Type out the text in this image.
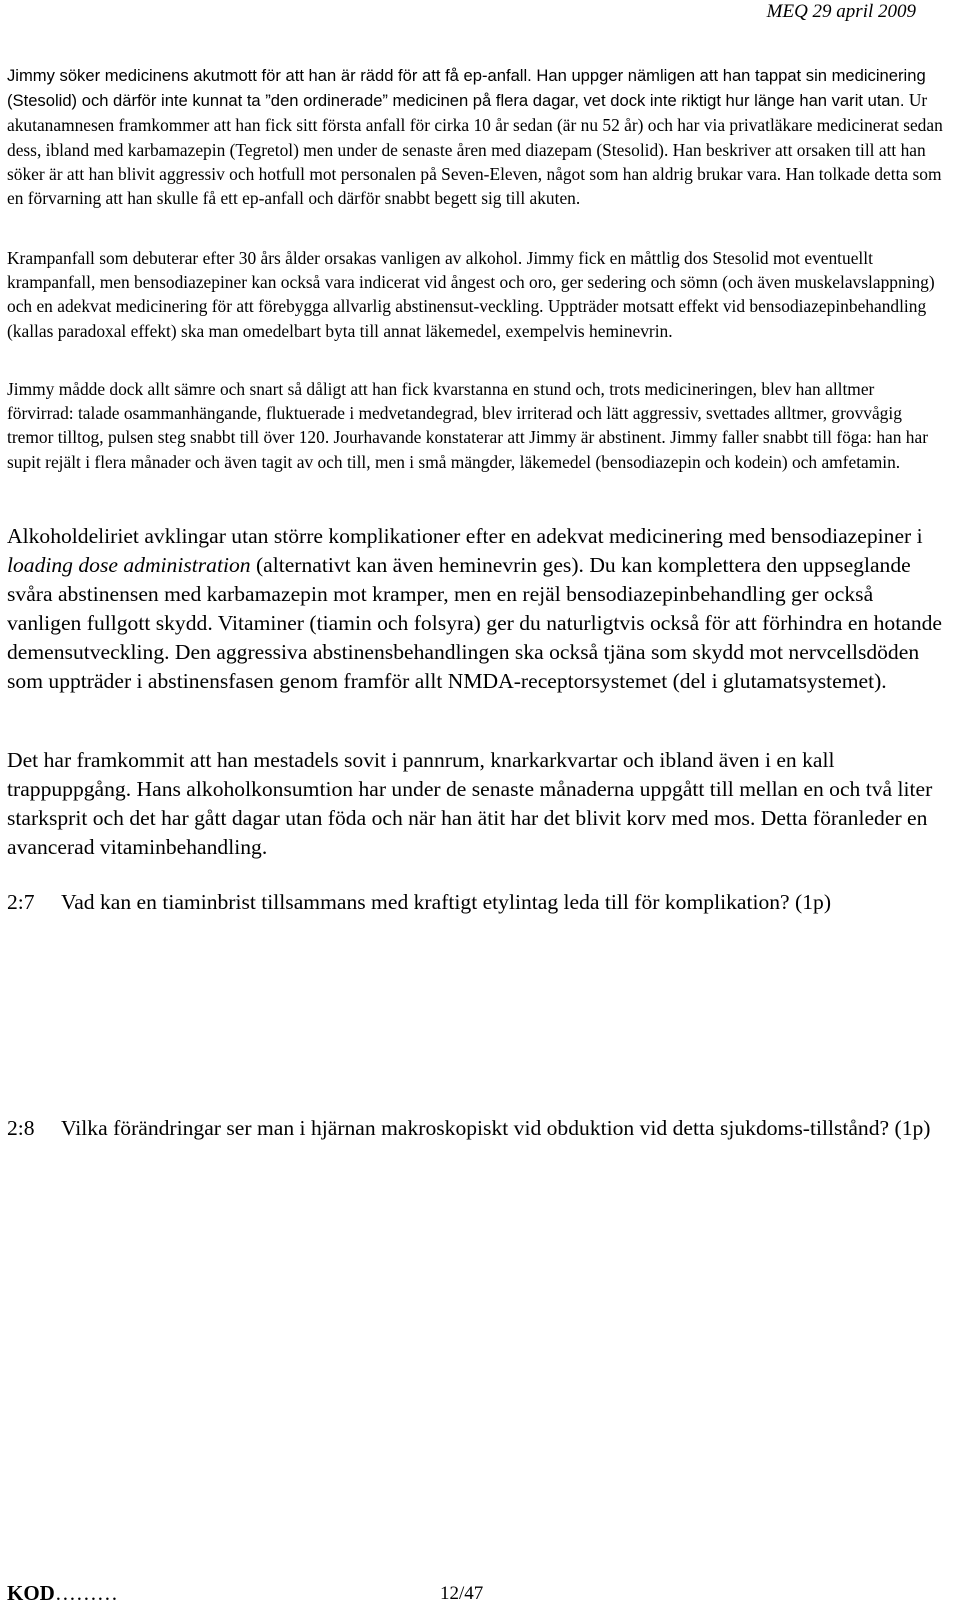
MEQ 29 april 2009

Jimmy söker medicinens akutmott för att han är rädd för att få ep-anfall. Han uppger nämligen att han tappat sin medicinering (Stesolid) och därför inte kunnat ta ”den ordinerade” medicinen på flera dagar, vet dock inte riktigt hur länge han varit utan. Ur akutanamnesen framkommer att han fick sitt första anfall för cirka 10 år sedan (är nu 52 år) och har via privatläkare medicinerat sedan dess, ibland med karbamazepin (Tegretol) men under de senaste åren med diazepam (Stesolid). Han beskriver att orsaken till att han söker är att han blivit aggressiv och hotfull mot personalen på Seven-Eleven, något som han aldrig brukar vara. Han tolkade detta som en förvarning att han skulle få ett ep-anfall och därför snabbt begett sig till akuten.

Krampanfall som debuterar efter 30 års ålder orsakas vanligen av alkohol. Jimmy fick en måttlig dos Stesolid mot eventuellt krampanfall, men bensodiazepiner kan också vara indicerat vid ångest och oro, ger sedering och sömn (och även muskelavslappning) och en adekvat medicinering för att förebygga allvarlig abstinensut-veckling. Uppträder motsatt effekt vid bensodiazepinbehandling (kallas paradoxal effekt) ska man omedelbart byta till annat läkemedel, exempelvis heminevrin.

Jimmy mådde dock allt sämre och snart så dåligt att han fick kvarstanna en stund och, trots medicineringen, blev han alltmer förvirrad: talade osammanhängande, fluktuerade i medvetandegrad, blev irriterad och lätt aggressiv, svettades alltmer, grovvågig tremor tilltog, pulsen steg snabbt till över 120. Jourhavande konstaterar att Jimmy är abstinent. Jimmy faller snabbt till föga: han har supit rejält i flera månader och även tagit av och till, men i små mängder, läkemedel (bensodiazepin och kodein) och amfetamin.

Alkoholdeliriet avklingar utan större komplikationer efter en adekvat medicinering med bensodiazepiner i loading dose administration (alternativt kan även heminevrin ges). Du kan komplettera den uppseglande svåra abstinensen med karbamazepin mot kramper, men en rejäl bensodiazepinbehandling ger också vanligen fullgott skydd. Vitaminer (tiamin och folsyra) ger du naturligtvis också för att förhindra en hotande demensutveckling. Den aggressiva abstinensbehandlingen ska också tjäna som skydd mot nervcellsdöden som uppträder i abstinensfasen genom framför allt NMDA-receptorsystemet (del i glutamatsystemet).

Det har framkommit att han mestadels sovit i pannrum, knarkarkvartar och ibland även i en kall trappuppgång. Hans alkoholkonsumtion har under de senaste månaderna uppgått till mellan en och två liter starksprit och det har gått dagar utan föda och när han ätit har det blivit korv med mos. Detta föranleder en avancerad vitaminbehandling.

2:7	Vad kan en tiaminbrist tillsammans med kraftigt etylintag leda till för komplikation? (1p)
2:8	Vilka förändringar ser man i hjärnan makroskopiskt vid obduktion vid detta sjukdoms-tillstånd? (1p)
KOD………	12/47
